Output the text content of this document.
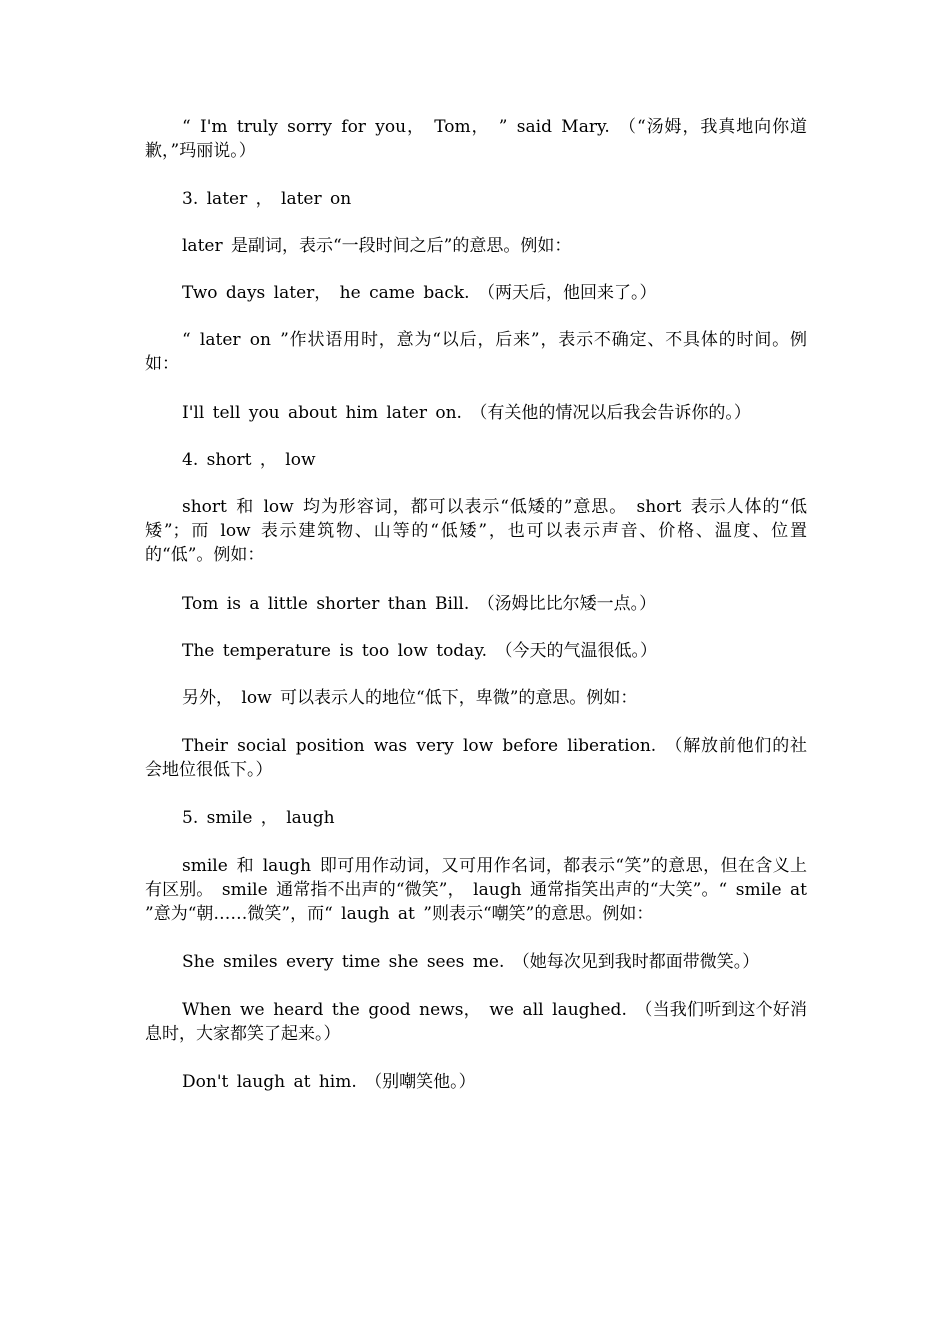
“ I'm truly sorry for you， Tom， ” said Mary. （“汤姆，我真地向你道歉，”玛丽说。）

3. later ， later on

later 是副词，表示“一段时间之后”的意思。例如：

Two days later， he came back. （两天后，他回来了。）

“ later on ”作状语用时，意为“以后，后来”，表示不确定、不具体的时间。例如：

I'll tell you about him later on. （有关他的情况以后我会告诉你的。）

4. short ， low

short 和 low 均为形容词，都可以表示“低矮的”意思。 short 表示人体的“低矮”；而 low 表示建筑物、山等的“低矮”，也可以表示声音、价格、温度、位置的“低”。例如：

Tom is a little shorter than Bill. （汤姆比比尔矮一点。）

The temperature is too low today. （今天的气温很低。）

另外， low 可以表示人的地位“低下，卑微”的意思。例如：

Their social position was very low before liberation. （解放前他们的社会地位很低下。）

5. smile ， laugh

smile 和 laugh 即可用作动词，又可用作名词，都表示“笑”的意思，但在含义上有区别。 smile 通常指不出声的“微笑”， laugh 通常指笑出声的“大笑”。“ smile at ”意为“朝……微笑”，而“ laugh at ”则表示“嘲笑”的意思。例如：

She smiles every time she sees me. （她每次见到我时都面带微笑。）

When we heard the good news， we all laughed. （当我们听到这个好消息时，大家都笑了起来。）

Don't laugh at him. （别嘲笑他。）
